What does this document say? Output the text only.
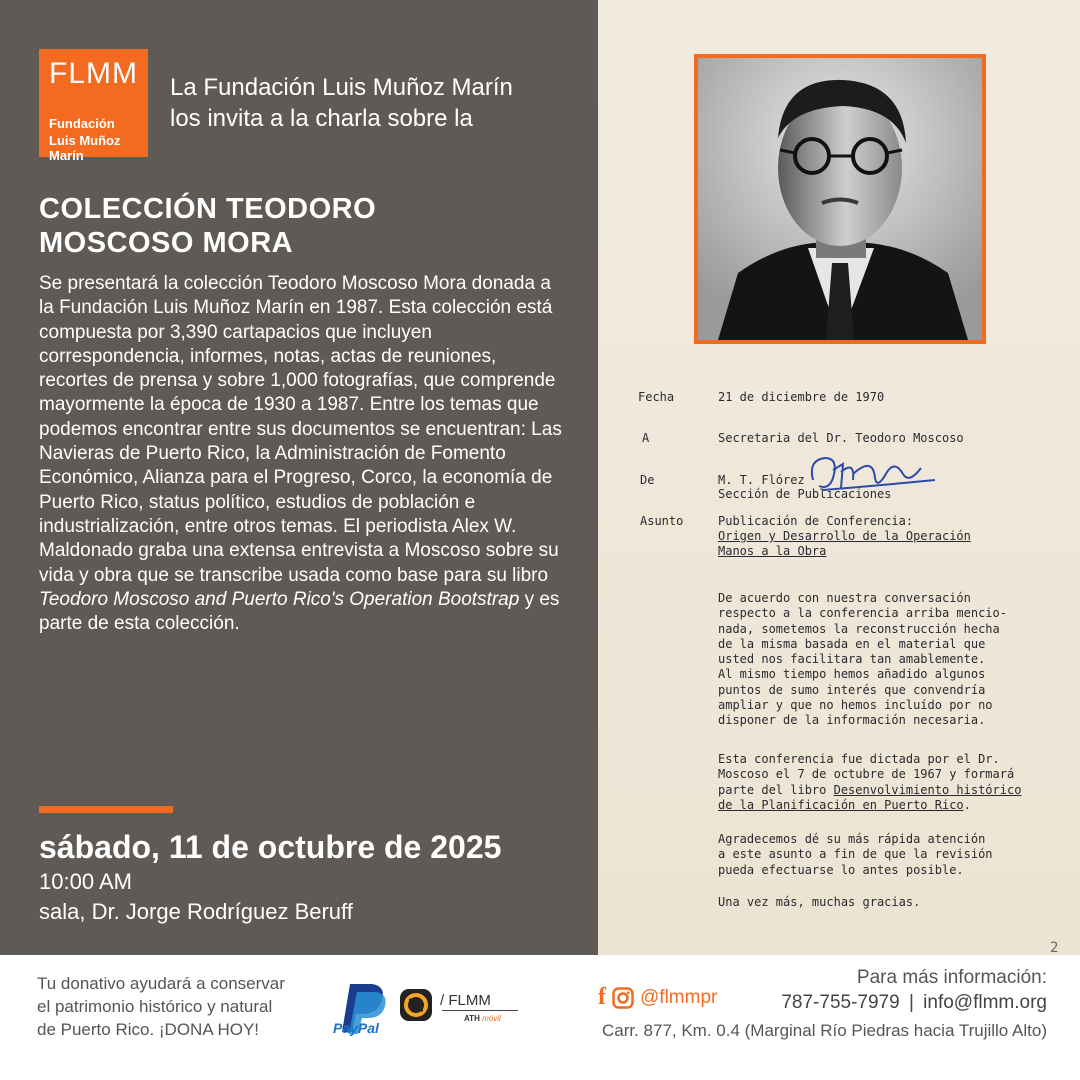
FLMM
Fundación
Luis Muñoz Marín
La Fundación Luis Muñoz Marín
los invita a la charla sobre la
COLECCIÓN TEODORO
MOSCOSO MORA

Se presentará la colección Teodoro Moscoso Mora donada a la Fundación Luis Muñoz Marín en 1987. Esta colección está compuesta por 3,390 cartapacios que incluyen correspondencia, informes, notas, actas de reuniones, recortes de prensa y sobre 1,000 fotografías, que comprende mayormente la época de 1930 a 1987. Entre los temas que podemos encontrar entre sus documentos se encuentran: Las Navieras de Puerto Rico, la Administración de Fomento Económico, Alianza para el Progreso, Corco, la economía de Puerto Rico, status político, estudios de población e industrialización, entre otros temas. El periodista Alex W. Maldonado graba una extensa entrevista a Moscoso sobre su vida y obra que se transcribe usada como base para su libro Teodoro Moscoso and Puerto Rico's Operation Bootstrap y es parte de esta colección.

sábado, 11 de octubre de 2025
10:00 AM
sala, Dr. Jorge Rodríguez Beruff
Fecha	21 de diciembre de 1970
A	Secretaria del Dr. Teodoro Moscoso
De	M. T. Flórez
Sección de Publicaciones
Asunto	Publicación de Conferencia:
Origen y Desarrollo de la Operación
Manos a la Obra
De acuerdo con nuestra conversación
respecto a la conferencia arriba mencio-
nada, sometemos la reconstrucción hecha
de la misma basada en el material que
usted nos facilitara tan amablemente.
Al mismo tiempo hemos añadido algunos
puntos de sumo interés que convendría
ampliar y que no hemos incluído por no
disponer de la información necesaria.
Esta conferencia fue dictada por el Dr.
Moscoso el 7 de octubre de 1967 y formará
parte del libro Desenvolvimiento histórico
de la Planificación en Puerto Rico.
Agradecemos dé su más rápida atención
a este asunto a fin de que la revisión
pueda efectuarse lo antes posible.
Una vez más, muchas gracias.
2
Tu donativo ayudará a conservar
el patrimonio histórico y natural
de Puerto Rico. ¡DONA HOY!	PayPal
/ FLMM
ATH móvil
f @flmmpr
Para más información:
787-755-7979 | info@flmm.org
Carr. 877, Km. 0.4 (Marginal Río Piedras hacia Trujillo Alto)
